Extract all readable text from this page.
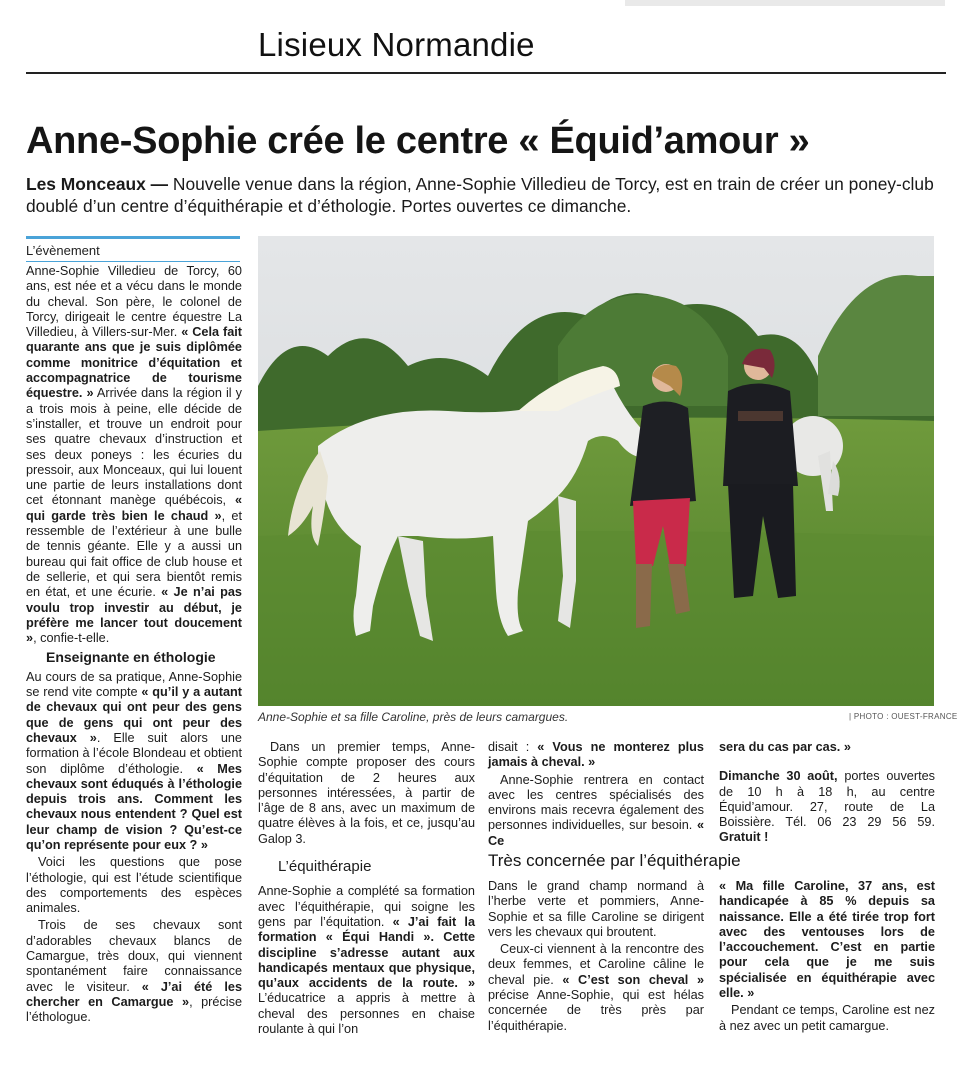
Lisieux Normandie
Anne-Sophie crée le centre « Équid’amour »
Les Monceaux — Nouvelle venue dans la région, Anne-Sophie Villedieu de Torcy, est en train de créer un poney-club doublé d’un centre d’équithérapie et d’éthologie. Portes ouvertes ce dimanche.
L’évènement

Anne-Sophie Villedieu de Torcy, 60 ans, est née et a vécu dans le monde du cheval. Son père, le colonel de Torcy, dirigeait le centre équestre La Villedieu, à Villers-sur-Mer. « Cela fait quarante ans que je suis diplômée comme monitrice d’équitation et accompagnatrice de tourisme équestre. » Arrivée dans la région il y a trois mois à peine, elle décide de s’installer, et trouve un endroit pour ses quatre chevaux d’instruction et ses deux poneys : les écuries du pressoir, aux Monceaux, qui lui louent une partie de leurs installations dont cet étonnant manège québécois, « qui garde très bien le chaud », et ressemble de l’extérieur à une bulle de tennis géante. Elle y a aussi un bureau qui fait office de club house et de sellerie, et qui sera bientôt remis en état, et une écurie. « Je n’ai pas voulu trop investir au début, je préfère me lancer tout doucement », confie-t-elle.

Enseignante en éthologie

Au cours de sa pratique, Anne-Sophie se rend vite compte « qu’il y a autant de chevaux qui ont peur des gens que de gens qui ont peur des chevaux ». Elle suit alors une formation à l’école Blondeau et obtient son diplôme d’éthologie. « Mes chevaux sont éduqués à l’éthologie depuis trois ans. Comment les chevaux nous entendent ? Quel est leur champ de vision ? Qu’est-ce qu’on représente pour eux ? »

Voici les questions que pose l’éthologie, qui est l’étude scientifique des comportements des espèces animales.

Trois de ses chevaux sont d’adorables chevaux blancs de Camargue, très doux, qui viennent spontanément faire connaissance avec le visiteur. « J’ai été les chercher en Camargue », précise l’éthologue.

Anne-Sophie et sa fille Caroline, près de leurs camargues.	| PHOTO : OUEST-FRANCE

Dans un premier temps, Anne-Sophie compte proposer des cours d’équitation de 2 heures aux personnes intéressées, à partir de l’âge de 8 ans, avec un maximum de quatre élèves à la fois, et ce, jusqu’au Galop 3.

L’équithérapie

Anne-Sophie a complété sa formation avec l’équithérapie, qui soigne les gens par l’équitation. « J’ai fait la formation « Équi Handi ». Cette discipline s’adresse autant aux handicapés mentaux que physique, qu’aux accidents de la route. » L’éducatrice a appris à mettre à cheval des personnes en chaise roulante à qui l’on

disait : « Vous ne monterez plus jamais à cheval. »

Anne-Sophie rentrera en contact avec les centres spécialisés des environs mais recevra également des personnes individuelles, sur besoin. « Ce

sera du cas par cas. »

Dimanche 30 août, portes ouvertes de 10 h à 18 h, au centre Équid’amour. 27, route de La Boissière. Tél. 06 23 29 56 59. Gratuit !

Très concernée par l’équithérapie

Dans le grand champ normand à l’herbe verte et pommiers, Anne-Sophie et sa fille Caroline se dirigent vers les chevaux qui broutent.

Ceux-ci viennent à la rencontre des deux femmes, et Caroline câline le cheval pie. « C’est son cheval » précise Anne-Sophie, qui est hélas concernée de très près par l’équithérapie.

« Ma fille Caroline, 37 ans, est handicapée à 85 % depuis sa naissance. Elle a été tirée trop fort avec des ventouses lors de l’accouchement. C’est en partie pour cela que je me suis spécialisée en équithérapie avec elle. »

Pendant ce temps, Caroline est nez à nez avec un petit camargue.
